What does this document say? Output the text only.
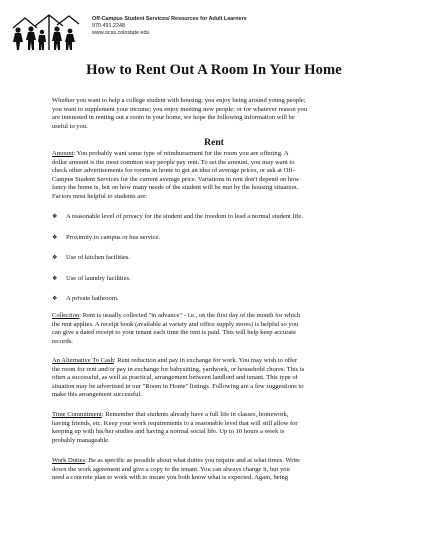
Off-Campus Student Services/ Resources for Adult Learners
970.491.2248
www.ocss.colostate.edu
How to Rent Out A Room In Your Home

Whether you want to help a college student with housing; you enjoy being around young people;

you want to supplement your income; you enjoy meeting new people; or for whatever reason you

are interested in renting out a room in your home, we hope the following information will be

useful to you.

Rent

Amount: You probably want some type of reimbursement for the room you are offering. A

dollar amount is the most common way people pay rent. To set the amount, you may want to

check other advertisements for rooms in home to get an idea of average prices, or ask at Off-

Campus Student Services for the current average price. Variations in rent don't depend on how

fancy the home is, but on how many needs of the student will be met by the housing situation.

Factors most helpful to students are:

❖ A reasonable level of privacy for the student and the freedom to lead a normal student life.
❖ Proximity to campus or bus service.
❖ Use of kitchen facilities.
❖ Use of laundry facilities.
❖ A private bathroom.

Collection: Rent is usually collected "in advance" - i.e., on the first day of the month for which

the rent applies. A receipt book (available at variety and office supply stores) is helpful so you

can give a dated receipt to your tenant each time the rent is paid. This will help keep accurate

records.

An Alternative To Cash: Rent reduction and pay in exchange for work. You may wish to offer

the room for rent and/or pay in exchange for babysitting, yardwork, or household chores. This is

often a successful, as well as practical, arrangement between landlord and tenant. This type of

situation may be advertised in our "Room in Home" listings. Following are a few suggestions to

make this arrangement successful.

Time Commitment: Remember that students already have a full life in classes, homework,

having friends, etc. Keep your work requirements to a reasonable level that will still allow for

keeping up with his/her studies and having a normal social life. Up to 10 hours a week is

probably manageable.

Work Duties: Be as specific as possible about what duties you require and at what times. Write

down the work agreement and give a copy to the tenant. You can always change it, but you

need a concrete plan to work with to insure you both know what is expected. Again, being
